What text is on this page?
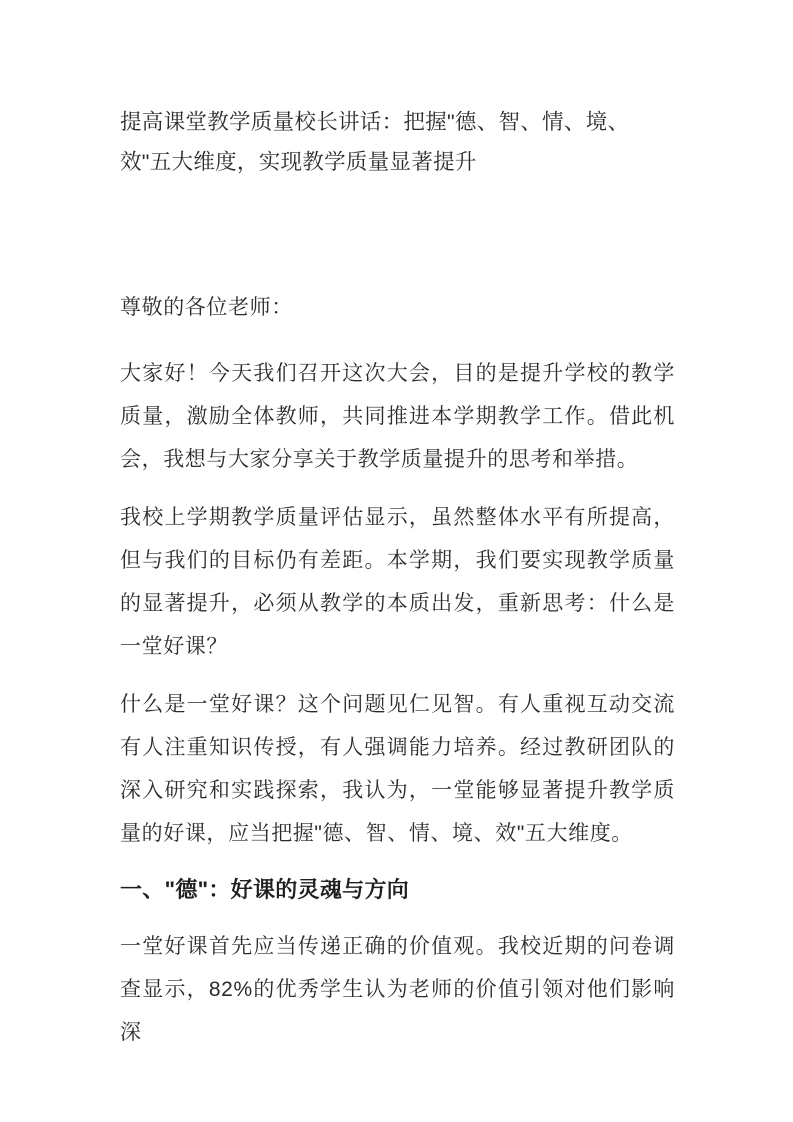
提高课堂教学质量校长讲话：把握"德、智、情、境、效"五大维度，实现教学质量显著提升

尊敬的各位老师：

大家好！今天我们召开这次大会，目的是提升学校的教学质量，激励全体教师，共同推进本学期教学工作。借此机会，我想与大家分享关于教学质量提升的思考和举措。

我校上学期教学质量评估显示，虽然整体水平有所提高，但与我们的目标仍有差距。本学期，我们要实现教学质量的显著提升，必须从教学的本质出发，重新思考：什么是一堂好课？

什么是一堂好课？这个问题见仁见智。有人重视互动交流有人注重知识传授，有人强调能力培养。经过教研团队的深入研究和实践探索，我认为，一堂能够显著提升教学质量的好课，应当把握"德、智、情、境、效"五大维度。

一、"德"：好课的灵魂与方向

一堂好课首先应当传递正确的价值观。我校近期的问卷调查显示，82%的优秀学生认为老师的价值引领对他们影响深
